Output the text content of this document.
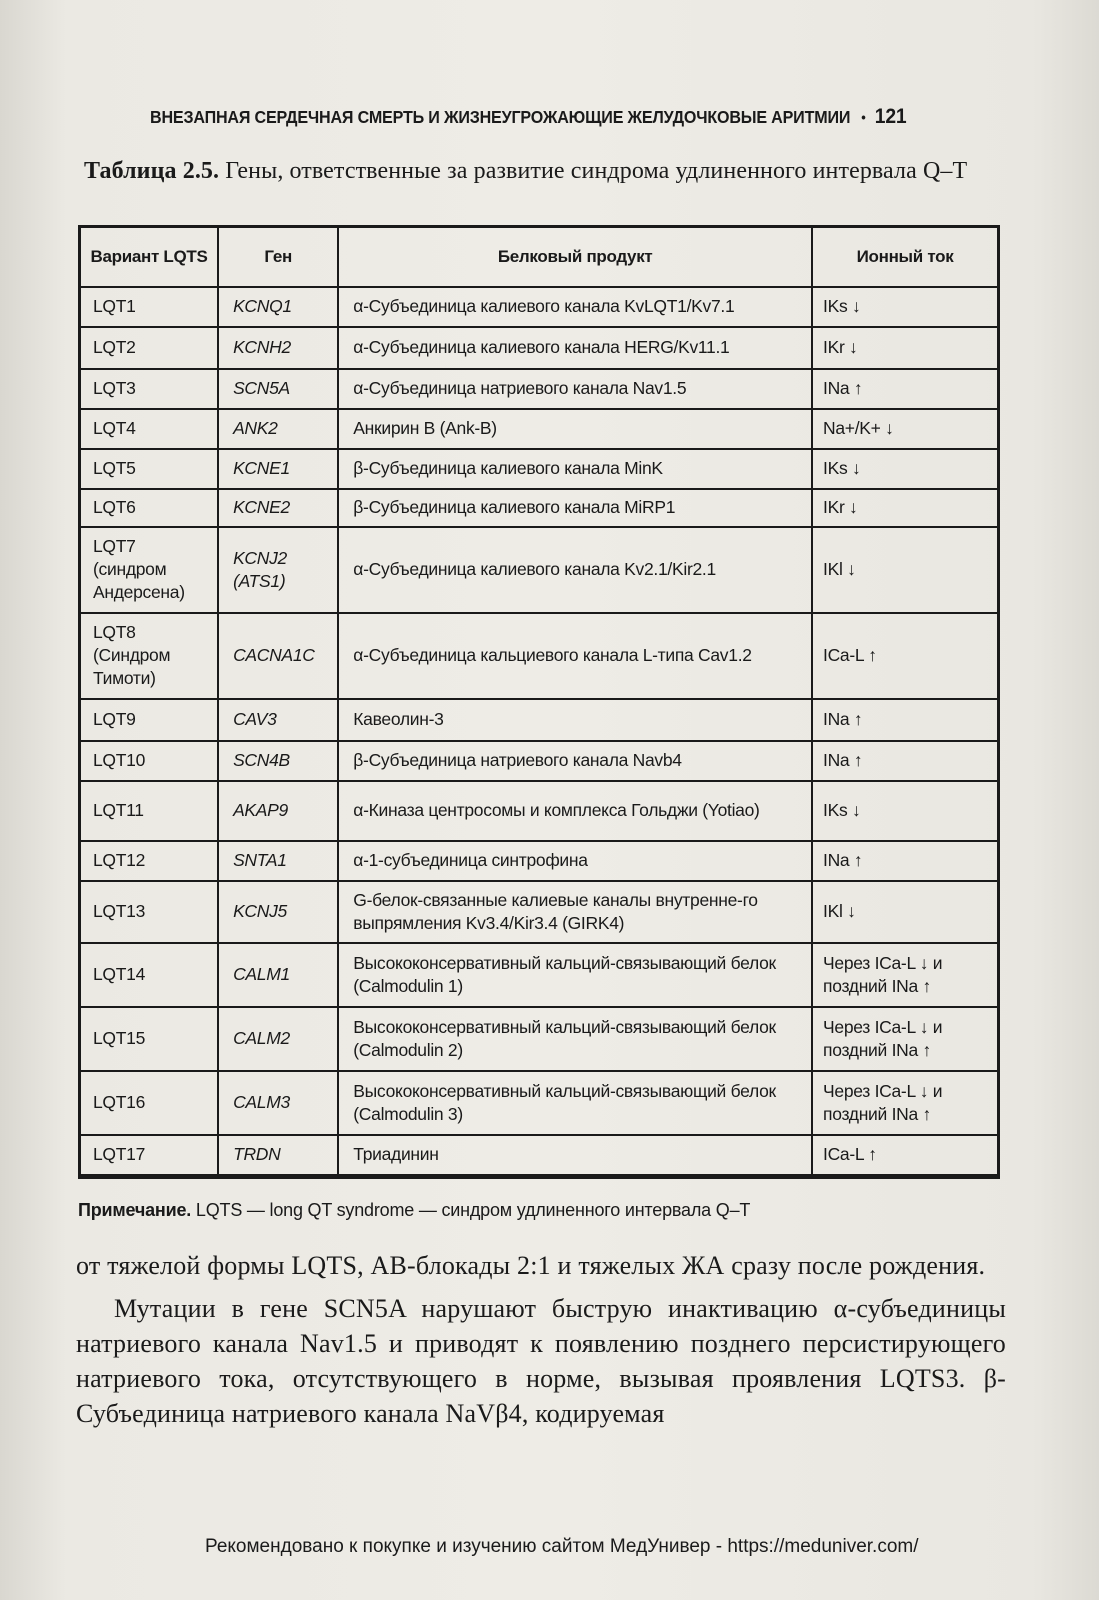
ВНЕЗАПНАЯ СЕРДЕЧНАЯ СМЕРТЬ И ЖИЗНЕУГРОЖАЮЩИЕ ЖЕЛУДОЧКОВЫЕ АРИТМИИ • 121
Таблица 2.5. Гены, ответственные за развитие синдрома удлиненного интервала Q–T
Вариант LQTS	Ген	Белковый продукт	Ионный ток
LQT1	KCNQ1	α-Субъединица калиевого канала KvLQT1/Kv7.1	IKs ↓
LQT2	KCNH2	α-Субъединица калиевого канала HERG/Kv11.1	IKr ↓
LQT3	SCN5A	α-Субъединица натриевого канала Nav1.5	INa ↑
LQT4	ANK2	Анкирин B (Ank-B)	Na+/K+ ↓
LQT5	KCNE1	β-Субъединица калиевого канала MinK	IKs ↓
LQT6	KCNE2	β-Субъединица калиевого канала MiRP1	IKr ↓
LQT7 (синдром Андерсена)	KCNJ2 (ATS1)	α-Субъединица калиевого канала Kv2.1/Kir2.1	IKl ↓
LQT8 (Синдром Тимоти)	CACNA1C	α-Субъединица кальциевого канала L-типа Cav1.2	ICa-L ↑
LQT9	CAV3	Кавеолин-3	INa ↑
LQT10	SCN4B	β-Субъединица натриевого канала Navb4	INa ↑
LQT11	AKAP9	α-Киназа центросомы и комплекса Гольджи (Yotiao)	IKs ↓
LQT12	SNTA1	α-1-субъединица синтрофина	INa ↑
LQT13	KCNJ5	G-белок-связанные калиевые каналы внутренне-го выпрямления Kv3.4/Kir3.4 (GIRK4)	IKl ↓
LQT14	CALM1	Высококонсервативный кальций-связывающий белок (Calmodulin 1)	Через ICa-L ↓ и поздний INa ↑
LQT15	CALM2	Высококонсервативный кальций-связывающий белок (Calmodulin 2)	Через ICa-L ↓ и поздний INa ↑
LQT16	CALM3	Высококонсервативный кальций-связывающий белок (Calmodulin 3)	Через ICa-L ↓ и поздний INa ↑
LQT17	TRDN	Триадинин	ICa-L ↑
Примечание. LQTS — long QT syndrome — синдром удлиненного интервала Q–T

от тяжелой формы LQTS, АВ-блокады 2:1 и тяжелых ЖА сразу после рождения.

Мутации в гене SCN5A нарушают быструю инактивацию α-субъединицы натриевого канала Nav1.5 и приводят к появлению позднего персистирующего натриевого тока, отсутствующего в норме, вызывая проявления LQTS3. β-Субъединица натриевого канала NaVβ4, кодируемая

Рекомендовано к покупке и изучению сайтом МедУнивер - https://meduniver.com/
